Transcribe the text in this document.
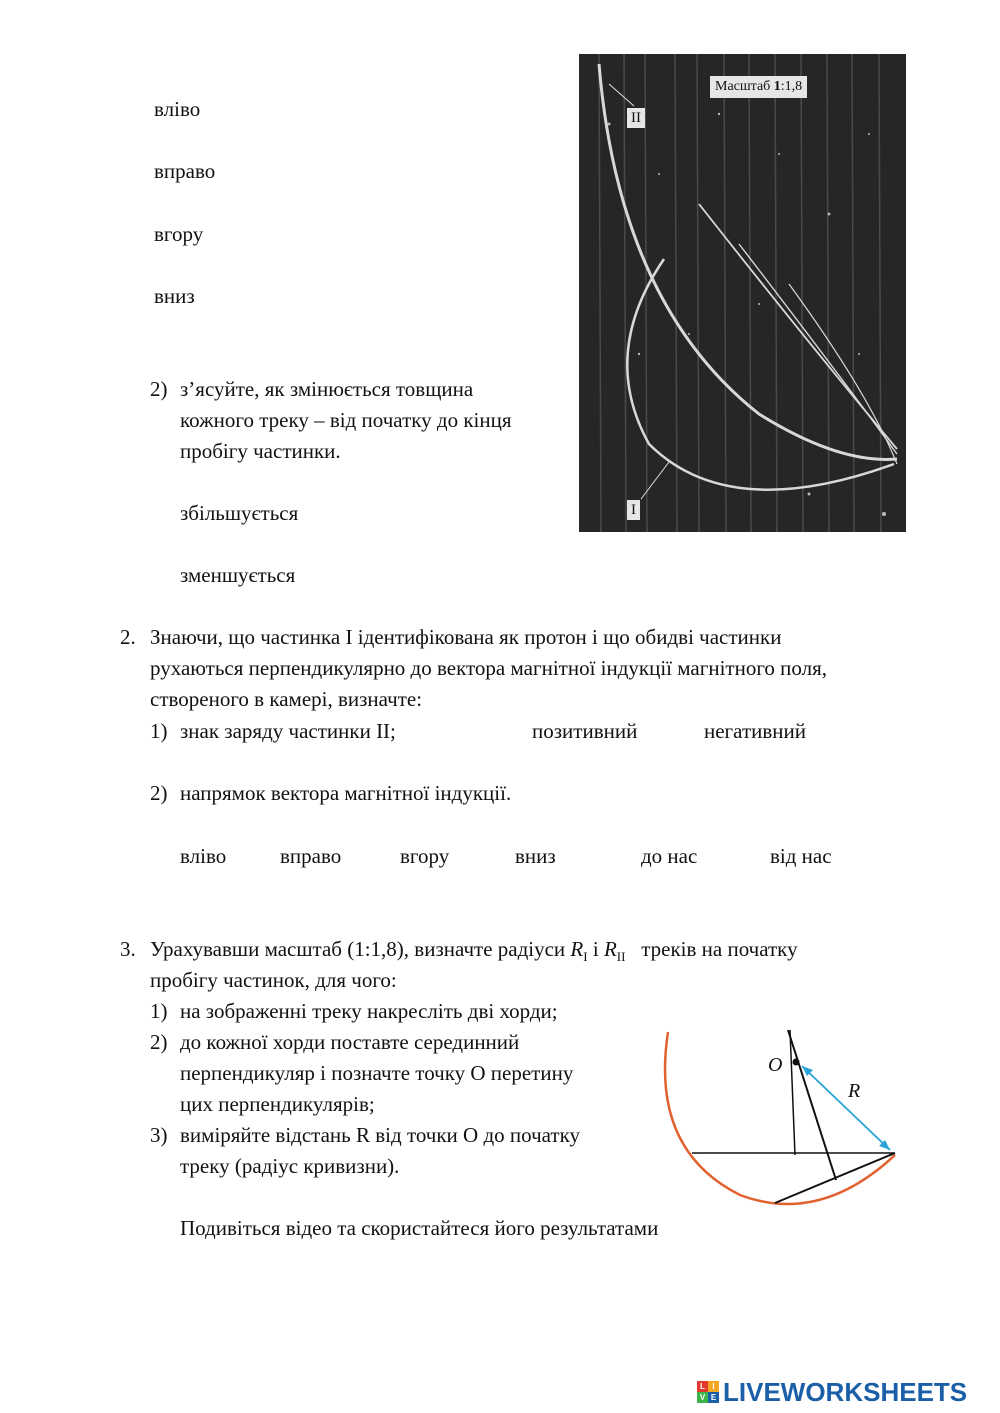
вліво
вправо
вгору
вниз
2) з’ясуйте, як змінюється товщина
кожного треку – від початку до кінця
пробігу частинки.
збільшується
зменшується
Масштаб 1:1,8
II
I
2. Знаючи, що частинка I ідентифікована як протон і що обидві частинки
рухаються перпендикулярно до вектора магнітної індукції магнітного поля,
створеного в камері, визначте:
1) знак заряду частинки II;	позитивний	негативний
2) напрямок вектора магнітної індукції.
вліво	вправо	вгору	вниз	до нас	від нас
3. Урахувавши масштаб (1:1,8), визначте радіуси $R_I$ і $R_{II}$ треків на початку
пробігу частинок, для чого:
1) на зображенні треку накресліть дві хорди;
2) до кожної хорди поставте серединний
перпендикуляр і позначте точку O перетину
цих перпендикулярів;
3) виміряйте відстань R від точки O до початку
треку (радіус кривизни).
Подивіться відео та скористайтеся його результатами
O
R
L I
V E LIVEWORKSHEETS
